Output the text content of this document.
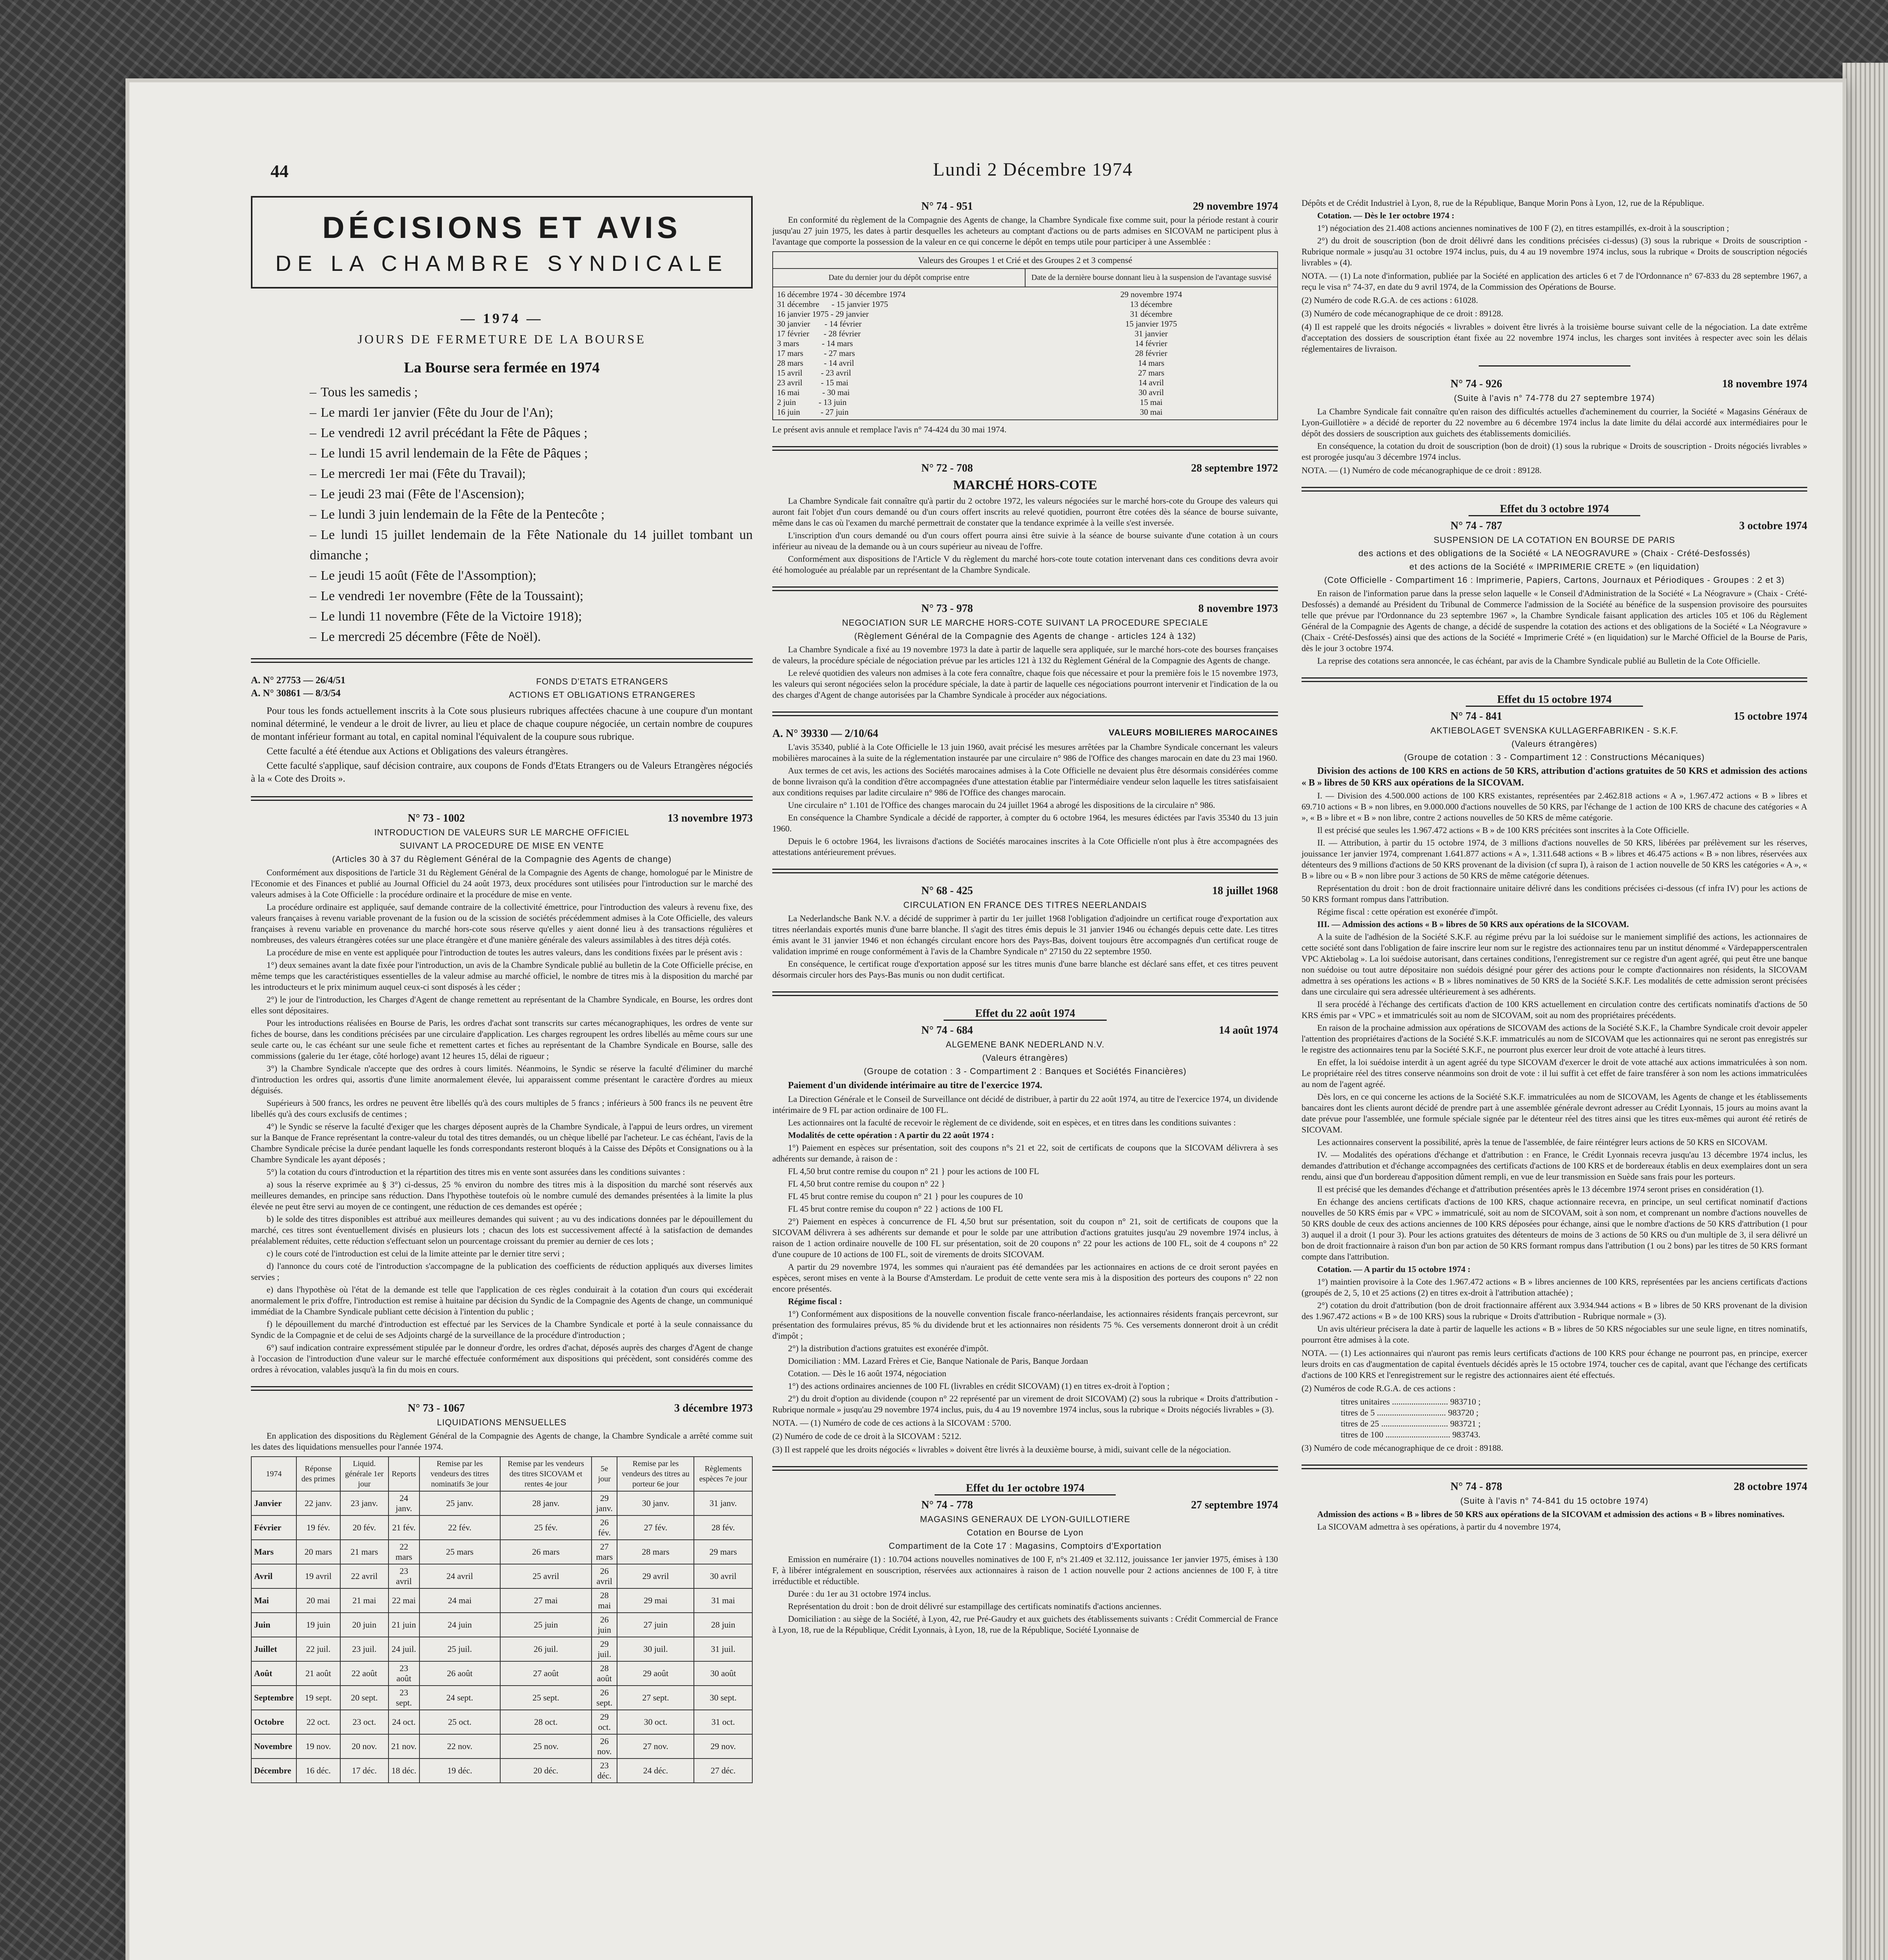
44	Lundi 2 Décembre 1974
DÉCISIONS ET AVIS
DE LA CHAMBRE SYNDICALE
— 1974 —
JOURS DE FERMETURE DE LA BOURSE
La Bourse sera fermée en 1974
– Tous les samedis ;
– Le mardi 1er janvier (Fête du Jour de l'An);
– Le vendredi 12 avril précédant la Fête de Pâques ;
– Le lundi 15 avril lendemain de la Fête de Pâques ;
– Le mercredi 1er mai (Fête du Travail);
– Le jeudi 23 mai (Fête de l'Ascension);
– Le lundi 3 juin lendemain de la Fête de la Pentecôte ;
– Le lundi 15 juillet lendemain de la Fête Nationale du 14 juillet tombant un dimanche ;
– Le jeudi 15 août (Fête de l'Assomption);
– Le vendredi 1er novembre (Fête de la Toussaint);
– Le lundi 11 novembre (Fête de la Victoire 1918);
– Le mercredi 25 décembre (Fête de Noël).
A. N° 27753 — 26/4/51
A. N° 30861 — 8/3/54
FONDS D'ETATS ETRANGERS
ACTIONS ET OBLIGATIONS ETRANGERES

Pour tous les fonds actuellement inscrits à la Cote sous plusieurs rubriques affectées chacune à une coupure d'un montant nominal déterminé, le vendeur a le droit de livrer, au lieu et place de chaque coupure négociée, un certain nombre de coupures de montant inférieur formant au total, en capital nominal l'équivalent de la coupure sous rubrique.

Cette faculté a été étendue aux Actions et Obligations des valeurs étrangères.

Cette faculté s'applique, sauf décision contraire, aux coupons de Fonds d'Etats Etrangers ou de Valeurs Etrangères négociés à la « Cote des Droits ».

N° 73 - 1002	13 novembre 1973
INTRODUCTION DE VALEURS SUR LE MARCHE OFFICIEL
SUIVANT LA PROCEDURE DE MISE EN VENTE
(Articles 30 à 37 du Règlement Général de la Compagnie des Agents de change)

Conformément aux dispositions de l'article 31 du Règlement Général de la Compagnie des Agents de change, homologué par le Ministre de l'Economie et des Finances et publié au Journal Officiel du 24 août 1973, deux procédures sont utilisées pour l'introduction sur le marché des valeurs admises à la Cote Officielle : la procédure ordinaire et la procédure de mise en vente.

La procédure ordinaire est appliquée, sauf demande contraire de la collectivité émettrice, pour l'introduction des valeurs à revenu fixe, des valeurs françaises à revenu variable provenant de la fusion ou de la scission de sociétés précédemment admises à la Cote Officielle, des valeurs françaises à revenu variable en provenance du marché hors-cote sous réserve qu'elles y aient donné lieu à des transactions régulières et nombreuses, des valeurs étrangères cotées sur une place étrangère et d'une manière générale des valeurs assimilables à des titres déjà cotés.

La procédure de mise en vente est appliquée pour l'introduction de toutes les autres valeurs, dans les conditions fixées par le présent avis :

1°) deux semaines avant la date fixée pour l'introduction, un avis de la Chambre Syndicale publié au bulletin de la Cote Officielle précise, en même temps que les caractéristiques essentielles de la valeur admise au marché officiel, le nombre de titres mis à la disposition du marché par les introducteurs et le prix minimum auquel ceux-ci sont disposés à les céder ;

2°) le jour de l'introduction, les Charges d'Agent de change remettent au représentant de la Chambre Syndicale, en Bourse, les ordres dont elles sont dépositaires.

Pour les introductions réalisées en Bourse de Paris, les ordres d'achat sont transcrits sur cartes mécanographiques, les ordres de vente sur fiches de bourse, dans les conditions précisées par une circulaire d'application. Les charges regroupent les ordres libellés au même cours sur une seule carte ou, le cas échéant sur une seule fiche et remettent cartes et fiches au représentant de la Chambre Syndicale en Bourse, salle des commissions (galerie du 1er étage, côté horloge) avant 12 heures 15, délai de rigueur ;

3°) la Chambre Syndicale n'accepte que des ordres à cours limités. Néanmoins, le Syndic se réserve la faculté d'éliminer du marché d'introduction les ordres qui, assortis d'une limite anormalement élevée, lui apparaissent comme présentant le caractère d'ordres au mieux déguisés.

Supérieurs à 500 francs, les ordres ne peuvent être libellés qu'à des cours multiples de 5 francs ; inférieurs à 500 francs ils ne peuvent être libellés qu'à des cours exclusifs de centimes ;

4°) le Syndic se réserve la faculté d'exiger que les charges déposent auprès de la Chambre Syndicale, à l'appui de leurs ordres, un virement sur la Banque de France représentant la contre-valeur du total des titres demandés, ou un chèque libellé par l'acheteur. Le cas échéant, l'avis de la Chambre Syndicale précise la durée pendant laquelle les fonds correspondants resteront bloqués à la Caisse des Dépôts et Consignations ou à la Chambre Syndicale les ayant déposés ;

5°) la cotation du cours d'introduction et la répartition des titres mis en vente sont assurées dans les conditions suivantes :

a) sous la réserve exprimée au § 3°) ci-dessus, 25 % environ du nombre des titres mis à la disposition du marché sont réservés aux meilleures demandes, en principe sans réduction. Dans l'hypothèse toutefois où le nombre cumulé des demandes présentées à la limite la plus élevée ne peut être servi au moyen de ce contingent, une réduction de ces demandes est opérée ;

b) le solde des titres disponibles est attribué aux meilleures demandes qui suivent ; au vu des indications données par le dépouillement du marché, ces titres sont éventuellement divisés en plusieurs lots ; chacun des lots est successivement affecté à la satisfaction de demandes préalablement réduites, cette réduction s'effectuant selon un pourcentage croissant du premier au dernier de ces lots ;

c) le cours coté de l'introduction est celui de la limite atteinte par le dernier titre servi ;

d) l'annonce du cours coté de l'introduction s'accompagne de la publication des coefficients de réduction appliqués aux diverses limites servies ;

e) dans l'hypothèse où l'état de la demande est telle que l'application de ces règles conduirait à la cotation d'un cours qui excéderait anormalement le prix d'offre, l'introduction est remise à huitaine par décision du Syndic de la Compagnie des Agents de change, un communiqué immédiat de la Chambre Syndicale publiant cette décision à l'intention du public ;

f) le dépouillement du marché d'introduction est effectué par les Services de la Chambre Syndicale et porté à la seule connaissance du Syndic de la Compagnie et de celui de ses Adjoints chargé de la surveillance de la procédure d'introduction ;

6°) sauf indication contraire expressément stipulée par le donneur d'ordre, les ordres d'achat, déposés auprès des charges d'Agent de change à l'occasion de l'introduction d'une valeur sur le marché effectuée conformément aux dispositions qui précèdent, sont considérés comme des ordres à révocation, valables jusqu'à la fin du mois en cours.

N° 73 - 1067	3 décembre 1973
LIQUIDATIONS MENSUELLES

En application des dispositions du Règlement Général de la Compagnie des Agents de change, la Chambre Syndicale a arrêté comme suit les dates des liquidations mensuelles pour l'année 1974.

1974	Réponse des primes	Liquid. générale 1er jour	Reports	Remise par les vendeurs des titres nominatifs 3e jour	Remise par les vendeurs des titres SICOVAM et rentes 4e jour	5e jour	Remise par les vendeurs des titres au porteur 6e jour	Règlements espèces 7e jour
Janvier	22 janv.	23 janv.	24 janv.	25 janv.	28 janv.	29 janv.	30 janv.	31 janv.
Février	19 fév.	20 fév.	21 fév.	22 fév.	25 fév.	26 fév.	27 fév.	28 fév.
Mars	20 mars	21 mars	22 mars	25 mars	26 mars	27 mars	28 mars	29 mars
Avril	19 avril	22 avril	23 avril	24 avril	25 avril	26 avril	29 avril	30 avril
Mai	20 mai	21 mai	22 mai	24 mai	27 mai	28 mai	29 mai	31 mai
Juin	19 juin	20 juin	21 juin	24 juin	25 juin	26 juin	27 juin	28 juin
Juillet	22 juil.	23 juil.	24 juil.	25 juil.	26 juil.	29 juil.	30 juil.	31 juil.
Août	21 août	22 août	23 août	26 août	27 août	28 août	29 août	30 août
Septembre	19 sept.	20 sept.	23 sept.	24 sept.	25 sept.	26 sept.	27 sept.	30 sept.
Octobre	22 oct.	23 oct.	24 oct.	25 oct.	28 oct.	29 oct.	30 oct.	31 oct.
Novembre	19 nov.	20 nov.	21 nov.	22 nov.	25 nov.	26 nov.	27 nov.	29 nov.
Décembre	16 déc.	17 déc.	18 déc.	19 déc.	20 déc.	23 déc.	24 déc.	27 déc.
N° 74 - 951	29 novembre 1974

En conformité du règlement de la Compagnie des Agents de change, la Chambre Syndicale fixe comme suit, pour la période restant à courir jusqu'au 27 juin 1975, les dates à partir desquelles les acheteurs au comptant d'actions ou de parts admises en SICOVAM ne participent plus à l'avantage que comporte la possession de la valeur en ce qui concerne le dépôt en temps utile pour participer à une Assemblée :

Valeurs des Groupes 1 et Crié et des Groupes 2 et 3 compensé
Date du dernier jour du dépôt comprise entre	Date de la dernière bourse donnant lieu à la suspension de l'avantage susvisé
16 décembre 1974 - 30 décembre 1974
31 décembre      - 15 janvier 1975
16 janvier 1975 - 29 janvier
30 janvier       - 14 février
17 février       - 28 février
3 mars           - 14 mars
17 mars          - 27 mars
28 mars          - 14 avril
15 avril         - 23 avril
23 avril         - 15 mai
16 mai           - 30 mai
2 juin           - 13 juin
16 juin          - 27 juin
29 novembre 1974
13 décembre
31 décembre
15 janvier 1975
31 janvier
14 février
28 février
14 mars
27 mars
14 avril
30 avril
15 mai
30 mai

Le présent avis annule et remplace l'avis n° 74-424 du 30 mai 1974.

N° 72 - 708	28 septembre 1972
MARCHÉ HORS-COTE

La Chambre Syndicale fait connaître qu'à partir du 2 octobre 1972, les valeurs négociées sur le marché hors-cote du Groupe des valeurs qui auront fait l'objet d'un cours demandé ou d'un cours offert inscrits au relevé quotidien, pourront être cotées dès la séance de bourse suivante, même dans le cas où l'examen du marché permettrait de constater que la tendance exprimée à la veille s'est inversée.

L'inscription d'un cours demandé ou d'un cours offert pourra ainsi être suivie à la séance de bourse suivante d'une cotation à un cours inférieur au niveau de la demande ou à un cours supérieur au niveau de l'offre.

Conformément aux dispositions de l'Article V du règlement du marché hors-cote toute cotation intervenant dans ces conditions devra avoir été homologuée au préalable par un représentant de la Chambre Syndicale.

N° 73 - 978	8 novembre 1973
NEGOCIATION SUR LE MARCHE HORS-COTE SUIVANT LA PROCEDURE SPECIALE
(Règlement Général de la Compagnie des Agents de change - articles 124 à 132)

La Chambre Syndicale a fixé au 19 novembre 1973 la date à partir de laquelle sera appliquée, sur le marché hors-cote des bourses françaises de valeurs, la procédure spéciale de négociation prévue par les articles 121 à 132 du Règlement Général de la Compagnie des Agents de change.

Le relevé quotidien des valeurs non admises à la cote fera connaître, chaque fois que nécessaire et pour la première fois le 15 novembre 1973, les valeurs qui seront négociées selon la procédure spéciale, la date à partir de laquelle ces négociations pourront intervenir et l'indication de la ou des charges d'Agent de change autorisées par la Chambre Syndicale à procéder aux négociations.

A. N° 39330 — 2/10/64	VALEURS MOBILIERES MAROCAINES

L'avis 35340, publié à la Cote Officielle le 13 juin 1960, avait précisé les mesures arrêtées par la Chambre Syndicale concernant les valeurs mobilières marocaines à la suite de la réglementation instaurée par une circulaire n° 986 de l'Office des changes marocain en date du 23 mai 1960.

Aux termes de cet avis, les actions des Sociétés marocaines admises à la Cote Officielle ne devaient plus être désormais considérées comme de bonne livraison qu'à la condition d'être accompagnées d'une attestation établie par l'intermédiaire vendeur selon laquelle les titres satisfaisaient aux conditions requises par ladite circulaire n° 986 de l'Office des changes marocain.

Une circulaire n° 1.101 de l'Office des changes marocain du 24 juillet 1964 a abrogé les dispositions de la circulaire n° 986.

En conséquence la Chambre Syndicale a décidé de rapporter, à compter du 6 octobre 1964, les mesures édictées par l'avis 35340 du 13 juin 1960.

Depuis le 6 octobre 1964, les livraisons d'actions de Sociétés marocaines inscrites à la Cote Officielle n'ont plus à être accompagnées des attestations antérieurement prévues.

N° 68 - 425	18 juillet 1968
CIRCULATION EN FRANCE DES TITRES NEERLANDAIS

La Nederlandsche Bank N.V. a décidé de supprimer à partir du 1er juillet 1968 l'obligation d'adjoindre un certificat rouge d'exportation aux titres néerlandais exportés munis d'une barre blanche. Il s'agit des titres émis depuis le 31 janvier 1946 ou échangés depuis cette date. Les titres émis avant le 31 janvier 1946 et non échangés circulant encore hors des Pays-Bas, doivent toujours être accompagnés d'un certificat rouge de validation imprimé en rouge conformément à l'avis de la Chambre Syndicale n° 27150 du 22 septembre 1950.

En conséquence, le certificat rouge d'exportation apposé sur les titres munis d'une barre blanche est déclaré sans effet, et ces titres peuvent désormais circuler hors des Pays-Bas munis ou non dudit certificat.

Effet du 22 août 1974
N° 74 - 684	14 août 1974
ALGEMENE BANK NEDERLAND N.V.
(Valeurs étrangères)
(Groupe de cotation : 3 - Compartiment 2 : Banques et Sociétés Financières)
Paiement d'un dividende intérimaire au titre de l'exercice 1974.

La Direction Générale et le Conseil de Surveillance ont décidé de distribuer, à partir du 22 août 1974, au titre de l'exercice 1974, un dividende intérimaire de 9 FL par action ordinaire de 100 FL.

Les actionnaires ont la faculté de recevoir le règlement de ce dividende, soit en espèces, et en titres dans les conditions suivantes :

Modalités de cette opération : A partir du 22 août 1974 :

1°) Paiement en espèces sur présentation, soit des coupons n°s 21 et 22, soit de certificats de coupons que la SICOVAM délivrera à ses adhérents sur demande, à raison de :

FL 4,50 brut contre remise du coupon n° 21 } pour les actions de 100 FL

FL 4,50 brut contre remise du coupon n° 22 }

FL 45 brut contre remise du coupon n° 21 } pour les coupures de 10

FL 45 brut contre remise du coupon n° 22 } actions de 100 FL

2°) Paiement en espèces à concurrence de FL 4,50 brut sur présentation, soit du coupon n° 21, soit de certificats de coupons que la SICOVAM délivrera à ses adhérents sur demande et pour le solde par une attribution d'actions gratuites jusqu'au 29 novembre 1974 inclus, à raison de 1 action ordinaire nouvelle de 100 FL sur présentation, soit de 20 coupons n° 22 pour les actions de 100 FL, soit de 4 coupons n° 22 d'une coupure de 10 actions de 100 FL, soit de virements de droits SICOVAM.

A partir du 29 novembre 1974, les sommes qui n'auraient pas été demandées par les actionnaires en actions de ce droit seront payées en espèces, seront mises en vente à la Bourse d'Amsterdam. Le produit de cette vente sera mis à la disposition des porteurs des coupons n° 22 non encore présentés.

Régime fiscal :

1°) Conformément aux dispositions de la nouvelle convention fiscale franco-néerlandaise, les actionnaires résidents français percevront, sur présentation des formulaires prévus, 85 % du dividende brut et les actionnaires non résidents 75 %. Ces versements donneront droit à un crédit d'impôt ;

2°) la distribution d'actions gratuites est exonérée d'impôt.

Domiciliation : MM. Lazard Frères et Cie, Banque Nationale de Paris, Banque Jordaan

Cotation. — Dès le 16 août 1974, négociation

1°) des actions ordinaires anciennes de 100 FL (livrables en crédit SICOVAM) (1) en titres ex-droit à l'option ;

2°) du droit d'option au dividende (coupon n° 22 représenté par un virement de droit SICOVAM) (2) sous la rubrique « Droits d'attribution - Rubrique normale » jusqu'au 29 novembre 1974 inclus, puis, du 4 au 19 novembre 1974 inclus, sous la rubrique « Droits négociés livrables » (3).

NOTA. — (1) Numéro de code de ces actions à la SICOVAM : 5700.

(2) Numéro de code de ce droit à la SICOVAM : 5212.

(3) Il est rappelé que les droits négociés « livrables » doivent être livrés à la deuxième bourse, à midi, suivant celle de la négociation.

Effet du 1er octobre 1974
N° 74 - 778	27 septembre 1974
MAGASINS GENERAUX DE LYON-GUILLOTIERE
Cotation en Bourse de Lyon
Compartiment de la Cote 17 : Magasins, Comptoirs d'Exportation

Emission en numéraire (1) : 10.704 actions nouvelles nominatives de 100 F, n°s 21.409 et 32.112, jouissance 1er janvier 1975, émises à 130 F, à libérer intégralement en souscription, réservées aux actionnaires à raison de 1 action nouvelle pour 2 actions anciennes de 100 F, à titre irréductible et réductible.

Durée : du 1er au 31 octobre 1974 inclus.

Représentation du droit : bon de droit délivré sur estampillage des certificats nominatifs d'actions anciennes.

Domiciliation : au siège de la Société, à Lyon, 42, rue Pré-Gaudry et aux guichets des établissements suivants : Crédit Commercial de France à Lyon, 18, rue de la République, Crédit Lyonnais, à Lyon, 18, rue de la République, Société Lyonnaise de

Dépôts et de Crédit Industriel à Lyon, 8, rue de la République, Banque Morin Pons à Lyon, 12, rue de la République.

Cotation. — Dès le 1er octobre 1974 :

1°) négociation des 21.408 actions anciennes nominatives de 100 F (2), en titres estampillés, ex-droit à la souscription ;

2°) du droit de souscription (bon de droit délivré dans les conditions précisées ci-dessus) (3) sous la rubrique « Droits de souscription - Rubrique normale » jusqu'au 31 octobre 1974 inclus, puis, du 4 au 19 novembre 1974 inclus, sous la rubrique « Droits de souscription négociés livrables » (4).

NOTA. — (1) La note d'information, publiée par la Société en application des articles 6 et 7 de l'Ordonnance n° 67-833 du 28 septembre 1967, a reçu le visa n° 74-37, en date du 9 avril 1974, de la Commission des Opérations de Bourse.

(2) Numéro de code R.G.A. de ces actions : 61028.

(3) Numéro de code mécanographique de ce droit : 89128.

(4) Il est rappelé que les droits négociés « livrables » doivent être livrés à la troisième bourse suivant celle de la négociation. La date extrême d'acceptation des dossiers de souscription étant fixée au 22 novembre 1974 inclus, les charges sont invitées à respecter avec soin les délais réglementaires de livraison.

N° 74 - 926	18 novembre 1974
(Suite à l'avis n° 74-778 du 27 septembre 1974)

La Chambre Syndicale fait connaître qu'en raison des difficultés actuelles d'acheminement du courrier, la Société « Magasins Généraux de Lyon-Guillotière » a décidé de reporter du 22 novembre au 6 décembre 1974 inclus la date limite du délai accordé aux intermédiaires pour le dépôt des dossiers de souscription aux guichets des établissements domiciliés.

En conséquence, la cotation du droit de souscription (bon de droit) (1) sous la rubrique « Droits de souscription - Droits négociés livrables » est prorogée jusqu'au 3 décembre 1974 inclus.

NOTA. — (1) Numéro de code mécanographique de ce droit : 89128.

Effet du 3 octobre 1974
N° 74 - 787	3 octobre 1974
SUSPENSION DE LA COTATION EN BOURSE DE PARIS
des actions et des obligations de la Société « LA NEOGRAVURE » (Chaix - Crété-Desfossés)
et des actions de la Société « IMPRIMERIE CRETE » (en liquidation)
(Cote Officielle - Compartiment 16 : Imprimerie, Papiers, Cartons, Journaux et Périodiques - Groupes : 2 et 3)

En raison de l'information parue dans la presse selon laquelle « le Conseil d'Administration de la Société « La Néogravure » (Chaix - Crété-Desfossés) a demandé au Président du Tribunal de Commerce l'admission de la Société au bénéfice de la suspension provisoire des poursuites telle que prévue par l'Ordonnance du 23 septembre 1967 », la Chambre Syndicale faisant application des articles 105 et 106 du Règlement Général de la Compagnie des Agents de change, a décidé de suspendre la cotation des actions et des obligations de la Société « La Néogravure » (Chaix - Crété-Desfossés) ainsi que des actions de la Société « Imprimerie Crété » (en liquidation) sur le Marché Officiel de la Bourse de Paris, dès le jour 3 octobre 1974.

La reprise des cotations sera annoncée, le cas échéant, par avis de la Chambre Syndicale publié au Bulletin de la Cote Officielle.

Effet du 15 octobre 1974
N° 74 - 841	15 octobre 1974
AKTIEBOLAGET SVENSKA KULLAGERFABRIKEN - S.K.F.
(Valeurs étrangères)
(Groupe de cotation : 3 - Compartiment 12 : Constructions Mécaniques)
Division des actions de 100 KRS en actions de 50 KRS, attribution d'actions gratuites de 50 KRS et admission des actions « B » libres de 50 KRS aux opérations de la SICOVAM.

I. — Division des 4.500.000 actions de 100 KRS existantes, représentées par 2.462.818 actions « A », 1.967.472 actions « B » libres et 69.710 actions « B » non libres, en 9.000.000 d'actions nouvelles de 50 KRS, par l'échange de 1 action de 100 KRS de chacune des catégories « A », « B » libre et « B » non libre, contre 2 actions nouvelles de 50 KRS de même catégorie.

Il est précisé que seules les 1.967.472 actions « B » de 100 KRS précitées sont inscrites à la Cote Officielle.

II. — Attribution, à partir du 15 octobre 1974, de 3 millions d'actions nouvelles de 50 KRS, libérées par prélèvement sur les réserves, jouissance 1er janvier 1974, comprenant 1.641.877 actions « A », 1.311.648 actions « B » libres et 46.475 actions « B » non libres, réservées aux détenteurs des 9 millions d'actions de 50 KRS provenant de la division (cf supra I), à raison de 1 action nouvelle de 50 KRS les catégories « A », « B » libre ou « B » non libre pour 3 actions de 50 KRS de même catégorie détenues.

Représentation du droit : bon de droit fractionnaire unitaire délivré dans les conditions précisées ci-dessous (cf infra IV) pour les actions de 50 KRS formant rompus dans l'attribution.

Régime fiscal : cette opération est exonérée d'impôt.

III. — Admission des actions « B » libres de 50 KRS aux opérations de la SICOVAM.

A la suite de l'adhésion de la Société S.K.F. au régime prévu par la loi suédoise sur le maniement simplifié des actions, les actionnaires de cette société sont dans l'obligation de faire inscrire leur nom sur le registre des actionnaires tenu par un institut dénommé « Värdepapperscentralen VPC Aktiebolag ». La loi suédoise autorisant, dans certaines conditions, l'enregistrement sur ce registre d'un agent agréé, qui peut être une banque non suédoise ou tout autre dépositaire non suédois désigné pour gérer des actions pour le compte d'actionnaires non résidents, la SICOVAM admettra à ses opérations les actions « B » libres nominatives de 50 KRS de la Société S.K.F. Les modalités de cette admission seront précisées dans une circulaire qui sera adressée ultérieurement à ses adhérents.

Il sera procédé à l'échange des certificats d'action de 100 KRS actuellement en circulation contre des certificats nominatifs d'actions de 50 KRS émis par « VPC » et immatriculés soit au nom de SICOVAM, soit au nom des propriétaires précédents.

En raison de la prochaine admission aux opérations de SICOVAM des actions de la Société S.K.F., la Chambre Syndicale croit devoir appeler l'attention des propriétaires d'actions de la Société S.K.F. immatriculés au nom de SICOVAM que les actionnaires qui ne seront pas enregistrés sur le registre des actionnaires tenu par la Société S.K.F., ne pourront plus exercer leur droit de vote attaché à leurs titres.

En effet, la loi suédoise interdit à un agent agréé du type SICOVAM d'exercer le droit de vote attaché aux actions immatriculées à son nom. Le propriétaire réel des titres conserve néanmoins son droit de vote : il lui suffit à cet effet de faire transférer à son nom les actions immatriculées au nom de l'agent agréé.

Dès lors, en ce qui concerne les actions de la Société S.K.F. immatriculées au nom de SICOVAM, les Agents de change et les établissements bancaires dont les clients auront décidé de prendre part à une assemblée générale devront adresser au Crédit Lyonnais, 15 jours au moins avant la date prévue pour l'assemblée, une formule spéciale signée par le détenteur réel des titres ainsi que les titres eux-mêmes qui auront été retirés de SICOVAM.

Les actionnaires conservent la possibilité, après la tenue de l'assemblée, de faire réintégrer leurs actions de 50 KRS en SICOVAM.

IV. — Modalités des opérations d'échange et d'attribution : en France, le Crédit Lyonnais recevra jusqu'au 13 décembre 1974 inclus, les demandes d'attribution et d'échange accompagnées des certificats d'actions de 100 KRS et de bordereaux établis en deux exemplaires dont un sera rendu, ainsi que d'un bordereau d'apposition dûment rempli, en vue de leur transmission en Suède sans frais pour les porteurs.

Il est précisé que les demandes d'échange et d'attribution présentées après le 13 décembre 1974 seront prises en considération (1).

En échange des anciens certificats d'actions de 100 KRS, chaque actionnaire recevra, en principe, un seul certificat nominatif d'actions nouvelles de 50 KRS émis par « VPC » immatriculé, soit au nom de SICOVAM, soit à son nom, et comprenant un nombre d'actions nouvelles de 50 KRS double de ceux des actions anciennes de 100 KRS déposées pour échange, ainsi que le nombre d'actions de 50 KRS d'attribution (1 pour 3) auquel il a droit (1 pour 3). Pour les actions gratuites des détenteurs de moins de 3 actions de 50 KRS ou d'un multiple de 3, il sera délivré un bon de droit fractionnaire à raison d'un bon par action de 50 KRS formant rompus dans l'attribution (1 ou 2 bons) par les titres de 50 KRS formant compte dans l'attribution.

Cotation. — A partir du 15 octobre 1974 :

1°) maintien provisoire à la Cote des 1.967.472 actions « B » libres anciennes de 100 KRS, représentées par les anciens certificats d'actions (groupés de 2, 5, 10 et 25 actions (2) en titres ex-droit à l'attribution attachée) ;

2°) cotation du droit d'attribution (bon de droit fractionnaire afférent aux 3.934.944 actions « B » libres de 50 KRS provenant de la division des 1.967.472 actions « B » de 100 KRS) sous la rubrique « Droits d'attribution - Rubrique normale » (3).

Un avis ultérieur précisera la date à partir de laquelle les actions « B » libres de 50 KRS négociables sur une seule ligne, en titres nominatifs, pourront être admises à la cote.

NOTA. — (1) Les actionnaires qui n'auront pas remis leurs certificats d'actions de 100 KRS pour échange ne pourront pas, en principe, exercer leurs droits en cas d'augmentation de capital éventuels décidés après le 15 octobre 1974, toucher ces de capital, avant que l'échange des certificats d'actions de 100 KRS et l'enregistrement sur le registre des actionnaires aient été effectués.

(2) Numéros de code R.G.A. de ces actions :

titres unitaires .......................... 983710 ;

titres de 5 ................................ 983720 ;

titres de 25 ............................... 983721 ;

titres de 100 .............................. 983743.

(3) Numéro de code mécanographique de ce droit : 89188.

N° 74 - 878	28 octobre 1974
(Suite à l'avis n° 74-841 du 15 octobre 1974)

Admission des actions « B » libres de 50 KRS aux opérations de la SICOVAM et admission des actions « B » libres nominatives.

La SICOVAM admettra à ses opérations, à partir du 4 novembre 1974,
